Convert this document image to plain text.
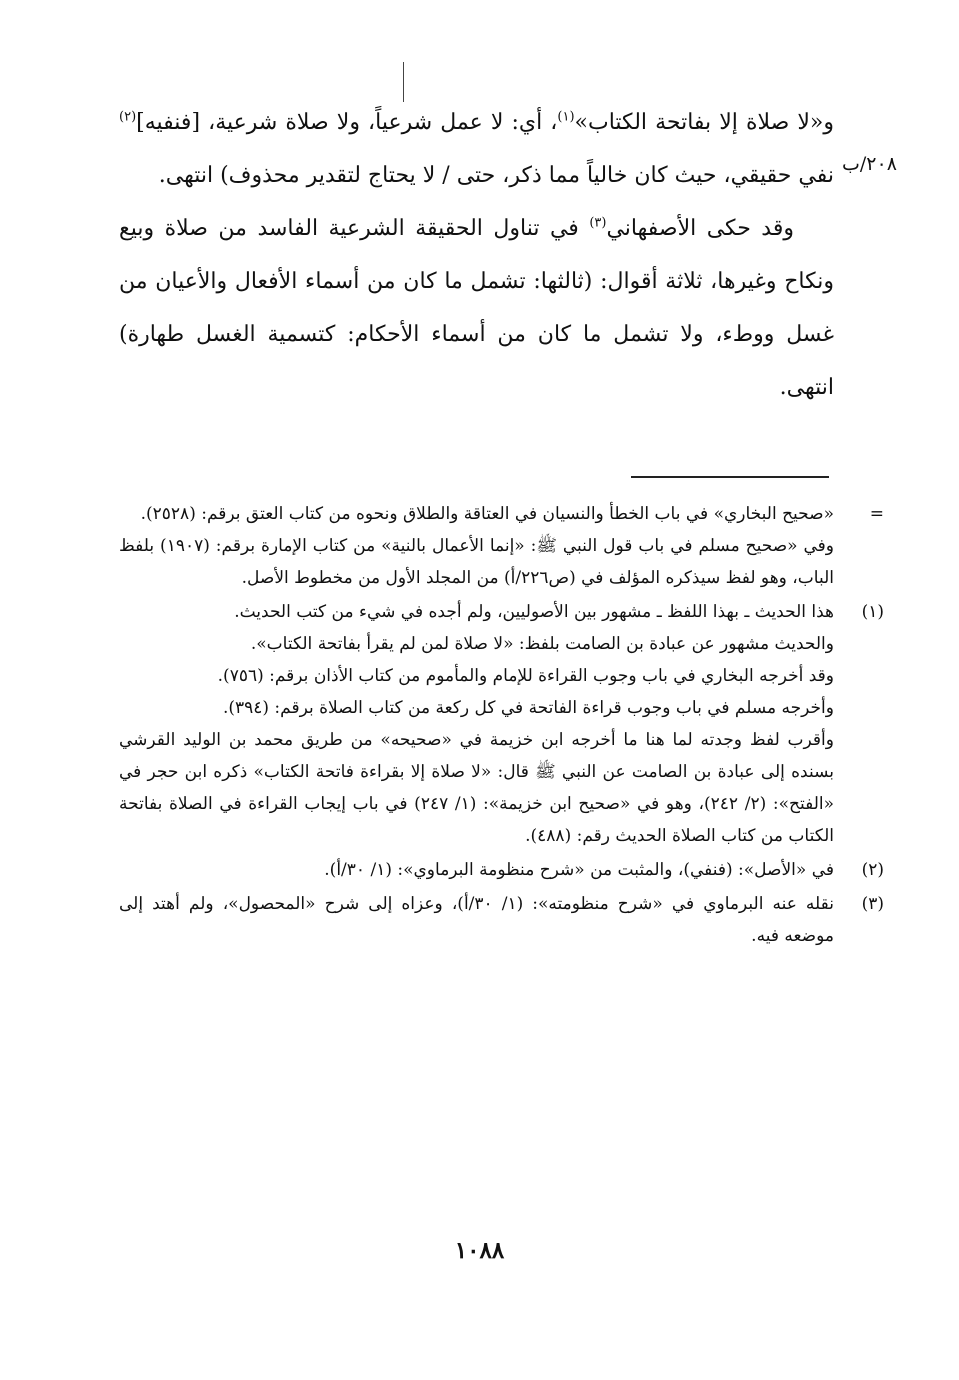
و«لا صلاة إلا بفاتحة الكتاب»$^{(١)}$، أي: لا عمل شرعياً، ولا صلاة شرعية، [فنفيه]$^{(٢)}$ نفي حقيقي، حيث كان خالياً مما ذكر، حتى / لا يحتاج لتقدير محذوف) انتهى.

وقد حكى الأصفهاني$^{(٣)}$ في تناول الحقيقة الشرعية الفاسد من صلاة وبيع ونكاح وغيرها، ثلاثة أقوال: (ثالثها: تشمل ما كان من أسماء الأفعال والأعيان من غسل ووطء، ولا تشمل ما كان من أسماء الأحكام: كتسمية الغسل طهارة) انتهى.

٢٠٨/ب
=

«صحيح البخاري» في باب الخطأ والنسيان في العتاقة والطلاق ونحوه من كتاب العتق برقم: (٢٥٢٨).

وفي «صحيح مسلم في باب قول النبي ﷺ: «إنما الأعمال بالنية» من كتاب الإمارة برقم: (١٩٠٧) بلفظ الباب، وهو لفظ سيذكره المؤلف في (ص٢٢٦/أ) من المجلد الأول من مخطوط الأصل.

(١)

هذا الحديث ـ بهذا اللفظ ـ مشهور بين الأصوليين، ولم أجده في شيء من كتب الحديث.

والحديث مشهور عن عبادة بن الصامت بلفظ: «لا صلاة لمن لم يقرأ بفاتحة الكتاب».

وقد أخرجه البخاري في باب وجوب القراءة للإمام والمأموم من كتاب الأذان برقم: (٧٥٦).

وأخرجه مسلم في باب وجوب قراءة الفاتحة في كل ركعة من كتاب الصلاة برقم: (٣٩٤).

وأقرب لفظ وجدته لما هنا ما أخرجه ابن خزيمة في «صحيحه» من طريق محمد بن الوليد القرشي بسنده إلى عبادة بن الصامت عن النبي ﷺ قال: «لا صلاة إلا بقراءة فاتحة الكتاب» ذكره ابن حجر في «الفتح»: (٢/ ٢٤٢)، وهو في «صحيح ابن خزيمة»: (١/ ٢٤٧) في باب إيجاب القراءة في الصلاة بفاتحة الكتاب من كتاب الصلاة الحديث رقم: (٤٨٨).

(٢)

في «الأصل»: (فنفي)، والمثبت من «شرح منظومة البرماوي»: (١/ ٣٠/أ).

(٣)

نقله عنه البرماوي في «شرح منظومته»: (١/ ٣٠/أ)، وعزاه إلى شرح «المحصول»، ولم أهتد إلى موضعه فيه.

١٠٨٨
